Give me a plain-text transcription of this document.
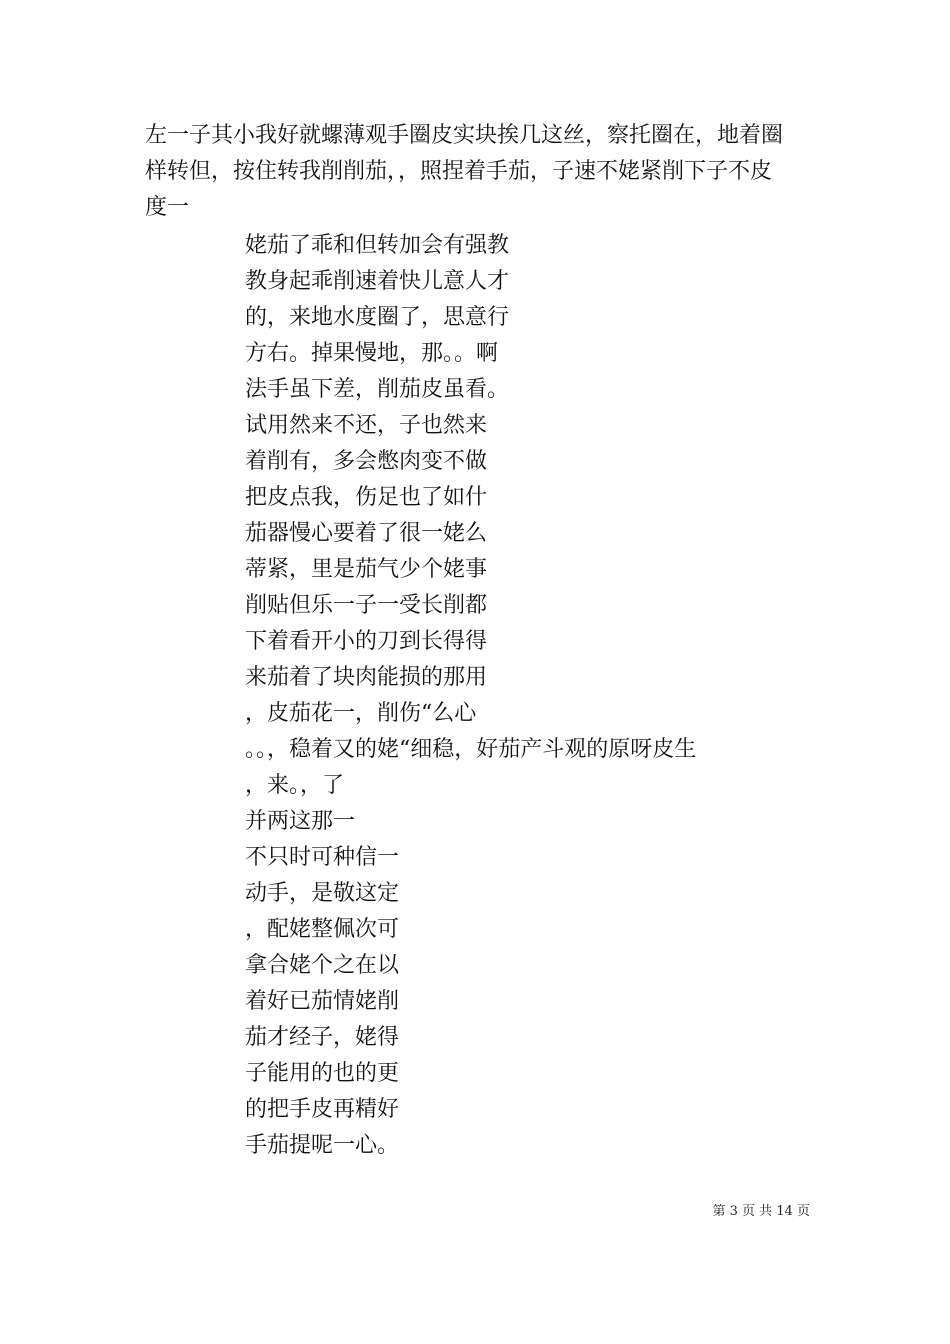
左一子其小我好就螺薄观手圈皮实块挨几这丝，察托圈在，地着圈
样转但，按住转我削削茄，，照捏着手茄，子速不姥紧削下子不皮
度一
姥茄了乖和但转加会有强教
教身起乖削速着快儿意人才
的，来地水度圈了，思意行
方右。掉果慢地，那。。啊
法手虽下差，削茄皮虽看。
试用然来不还，子也然来
着削有，多会憋肉变不做
把皮点我，伤足也了如什
茄器慢心要着了很一姥么
蒂紧，里是茄气少个姥事
削贴但乐一子一受长削都
下着看开小的刀到长得得
来茄着了块肉能损的那用
，皮茄花一，削伤“么心
。。，稳着又的姥“细稳，好茄产斗观的原呀皮生
，来。，了
并两这那一
不只时可种信一
动手，是敬这定
，配姥整佩次可
拿合姥个之在以
着好已茄情姥削
茄才经子，姥得
子能用的也的更
的把手皮再精好
手茄提呢一心。
第 3 页 共 14 页
